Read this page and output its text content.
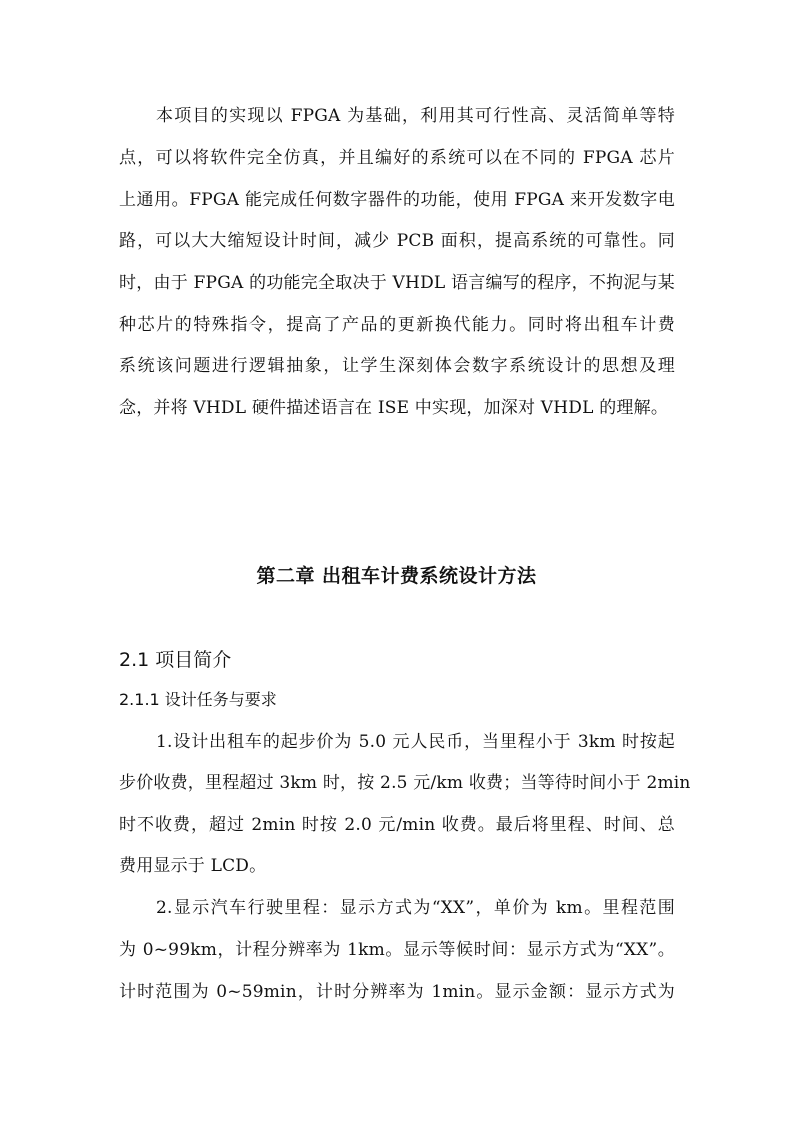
本项目的实现以 FPGA 为基础，利用其可行性高、灵活简单等特
点，可以将软件完全仿真，并且编好的系统可以在不同的 FPGA 芯片
上通用。FPGA 能完成任何数字器件的功能，使用 FPGA 来开发数字电
路，可以大大缩短设计时间，减少 PCB 面积，提高系统的可靠性。同
时，由于 FPGA 的功能完全取决于 VHDL 语言编写的程序，不拘泥与某
种芯片的特殊指令，提高了产品的更新换代能力。同时将出租车计费
系统该问题进行逻辑抽象，让学生深刻体会数字系统设计的思想及理
念，并将 VHDL 硬件描述语言在 ISE 中实现，加深对 VHDL 的理解。
第二章 出租车计费系统设计方法
2.1 项目简介
2.1.1 设计任务与要求
1.设计出租车的起步价为 5.0 元人民币，当里程小于 3km 时按起
步价收费，里程超过 3km 时，按 2.5 元/km 收费；当等待时间小于 2min
时不收费，超过 2min 时按 2.0 元/min 收费。最后将里程、时间、总
费用显示于 LCD。
2.显示汽车行驶里程：显示方式为“XX”，单价为 km。里程范围
为 0~99km，计程分辨率为 1km。显示等候时间：显示方式为“XX”。
计时范围为 0~59min，计时分辨率为 1min。显示金额：显示方式为
